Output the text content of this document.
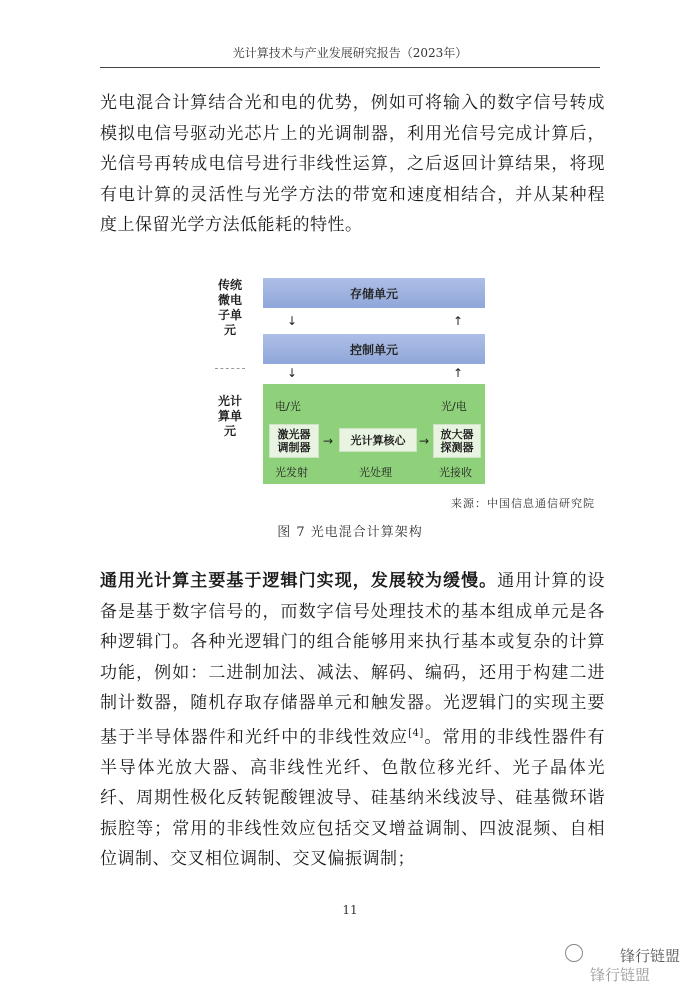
光计算技术与产业发展研究报告（2023年）

光电混合计算结合光和电的优势，例如可将输入的数字信号转成模拟电信号驱动光芯片上的光调制器，利用光信号完成计算后，光信号再转成电信号进行非线性运算，之后返回计算结果，将现有电计算的灵活性与光学方法的带宽和速度相结合，并从某种程度上保留光学方法低能耗的特性。

传统微电子单元
光计算单元
存储单元
↓	↑
控制单元
↓	↑
电/光	光/电
激光器
调制器	→	光计算核心	→	放大器
探测器
光发射	光处理	光接收
来源：中国信息通信研究院
图 7 光电混合计算架构

通用光计算主要基于逻辑门实现，发展较为缓慢。通用计算的设备是基于数字信号的，而数字信号处理技术的基本组成单元是各种逻辑门。各种光逻辑门的组合能够用来执行基本或复杂的计算功能，例如：二进制加法、减法、解码、编码，还用于构建二进制计数器，随机存取存储器单元和触发器。光逻辑门的实现主要基于半导体器件和光纤中的非线性效应[4]。常用的非线性器件有半导体光放大器、高非线性光纤、色散位移光纤、光子晶体光纤、周期性极化反转铌酸锂波导、硅基纳米线波导、硅基微环谐振腔等；常用的非线性效应包括交叉增益调制、四波混频、自相位调制、交叉相位调制、交叉偏振调制；

11
锋行链盟
锋行链盟
